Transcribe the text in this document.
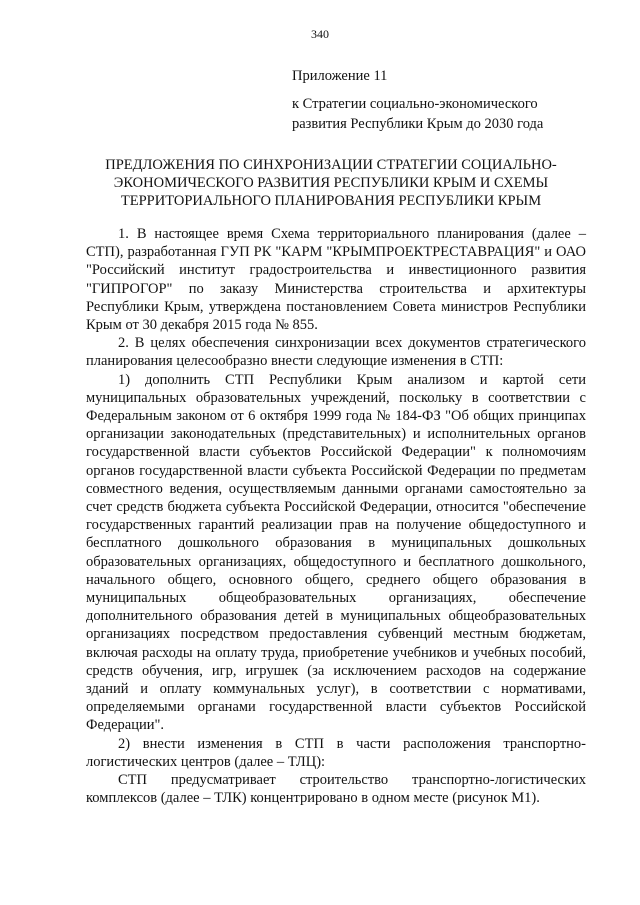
340
Приложение 11
к Стратегии социально-экономического развития Республики Крым до 2030 года
ПРЕДЛОЖЕНИЯ ПО СИНХРОНИЗАЦИИ СТРАТЕГИИ СОЦИАЛЬНО-ЭКОНОМИЧЕСКОГО РАЗВИТИЯ РЕСПУБЛИКИ КРЫМ И СХЕМЫ ТЕРРИТОРИАЛЬНОГО ПЛАНИРОВАНИЯ РЕСПУБЛИКИ КРЫМ

1. В настоящее время Схема территориального планирования (далее – СТП), разработанная ГУП РК "КАРМ "КРЫМПРОЕКТРЕСТАВРАЦИЯ" и ОАО "Российский институт градостроительства и инвестиционного развития "ГИПРОГОР" по заказу Министерства строительства и архитектуры Республики Крым, утверждена постановлением Совета министров Республики Крым от 30 декабря 2015 года № 855.

2. В целях обеспечения синхронизации всех документов стратегического планирования целесообразно внести следующие изменения в СТП:

1) дополнить СТП Республики Крым анализом и картой сети муниципальных образовательных учреждений, поскольку в соответствии с Федеральным законом от 6 октября 1999 года № 184-ФЗ "Об общих принципах организации законодательных (представительных) и исполнительных органов государственной власти субъектов Российской Федерации" к полномочиям органов государственной власти субъекта Российской Федерации по предметам совместного ведения, осуществляемым данными органами самостоятельно за счет средств бюджета субъекта Российской Федерации, относится "обеспечение государственных гарантий реализации прав на получение общедоступного и бесплатного дошкольного образования в муниципальных дошкольных образовательных организациях, общедоступного и бесплатного дошкольного, начального общего, основного общего, среднего общего образования в муниципальных общеобразовательных организациях, обеспечение дополнительного образования детей в муниципальных общеобразовательных организациях посредством предоставления субвенций местным бюджетам, включая расходы на оплату труда, приобретение учебников и учебных пособий, средств обучения, игр, игрушек (за исключением расходов на содержание зданий и оплату коммунальных услуг), в соответствии с нормативами, определяемыми органами государственной власти субъектов Российской Федерации".

2) внести изменения в СТП в части расположения транспортно-логистических центров (далее – ТЛЦ):

СТП предусматривает строительство транспортно-логистических комплексов (далее – ТЛК) концентрировано в одном месте (рисунок М1).
